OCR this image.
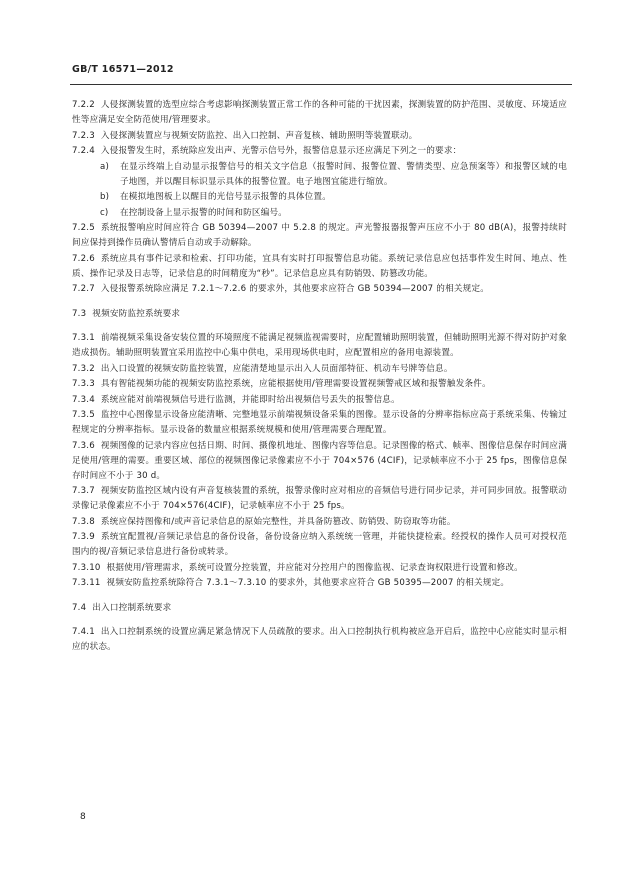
GB/T 16571—2012

7.2.2 人侵探测装置的选型应综合考虑影响探测装置正常工作的各种可能的干扰因素，探测装置的防护范围、灵敏度、环境适应性等应满足安全防范使用/管理要求。

7.2.3 入侵探测装置应与视频安防监控、出入口控制、声音复核、辅助照明等装置联动。

7.2.4 入侵报警发生时，系统除应发出声、光警示信号外，报警信息显示还应满足下列之一的要求：

a) 在显示终端上自动显示报警信号的相关文字信息（报警时间、报警位置、警情类型、应急预案等）和报警区域的电子地图，并以醒目标识显示具体的报警位置。电子地图宜能进行缩放。

b) 在模拟地图板上以醒目的光信号显示报警的具体位置。

c) 在控制设备上显示报警的时间和防区编号。

7.2.5 系统报警响应时间应符合 GB 50394—2007 中 5.2.8 的规定。声光警报器报警声压应不小于 80 dB(A)，报警持续时间应保持到操作员确认警情后自动或手动解除。

7.2.6 系统应具有事件记录和检索、打印功能，宜具有实时打印报警信息功能。系统记录信息应包括事件发生时间、地点、性质、操作记录及日志等，记录信息的时间精度为“秒”。记录信息应具有防销毁、防篡改功能。

7.2.7 入侵报警系统除应满足 7.2.1～7.2.6 的要求外，其他要求应符合 GB 50394—2007 的相关规定。

7.3 视频安防监控系统要求

7.3.1 前端视频采集设备安装位置的环境照度不能满足视频监视需要时，应配置辅助照明装置，但辅助照明光源不得对防护对象造成损伤。辅助照明装置宜采用监控中心集中供电，采用现场供电时，应配置相应的备用电源装置。

7.3.2 出入口设置的视频安防监控装置，应能清楚地显示出入人员面部特征、机动车号牌等信息。

7.3.3 具有智能视频功能的视频安防监控系统，应能根据使用/管理需要设置视频警戒区域和报警触发条件。

7.3.4 系统应能对前端视频信号进行监测，并能即时给出视频信号丢失的报警信息。

7.3.5 监控中心图像显示设备应能清晰、完整地显示前端视频设备采集的图像。显示设备的分辨率指标应高于系统采集、传输过程规定的分辨率指标。显示设备的数量应根据系统规模和使用/管理需要合理配置。

7.3.6 视频图像的记录内容应包括日期、时间、摄像机地址、图像内容等信息。记录图像的格式、帧率、图像信息保存时间应满足使用/管理的需要。重要区域、部位的视频图像记录像素应不小于 704×576 (4CIF)，记录帧率应不小于 25 fps，图像信息保存时间应不小于 30 d。

7.3.7 视频安防监控区域内设有声音复核装置的系统，报警录像时应对相应的音频信号进行同步记录，并可同步回放。报警联动录像记录像素应不小于 704×576(4CIF)，记录帧率应不小于 25 fps。

7.3.8 系统应保持图像和/或声音记录信息的原始完整性，并具备防篡改、防销毁、防窃取等功能。

7.3.9 系统宜配置视/音频记录信息的备份设备，备份设备应纳入系统统一管理，并能快捷检索。经授权的操作人员可对授权范围内的视/音频记录信息进行备份或转录。

7.3.10 根据使用/管理需求，系统可设置分控装置，并应能对分控用户的图像监视、记录查询权限进行设置和修改。

7.3.11 视频安防监控系统除符合 7.3.1～7.3.10 的要求外，其他要求应符合 GB 50395—2007 的相关规定。

7.4 出入口控制系统要求

7.4.1 出入口控制系统的设置应满足紧急情况下人员疏散的要求。出入口控制执行机构被应急开启后，监控中心应能实时显示相应的状态。

8
